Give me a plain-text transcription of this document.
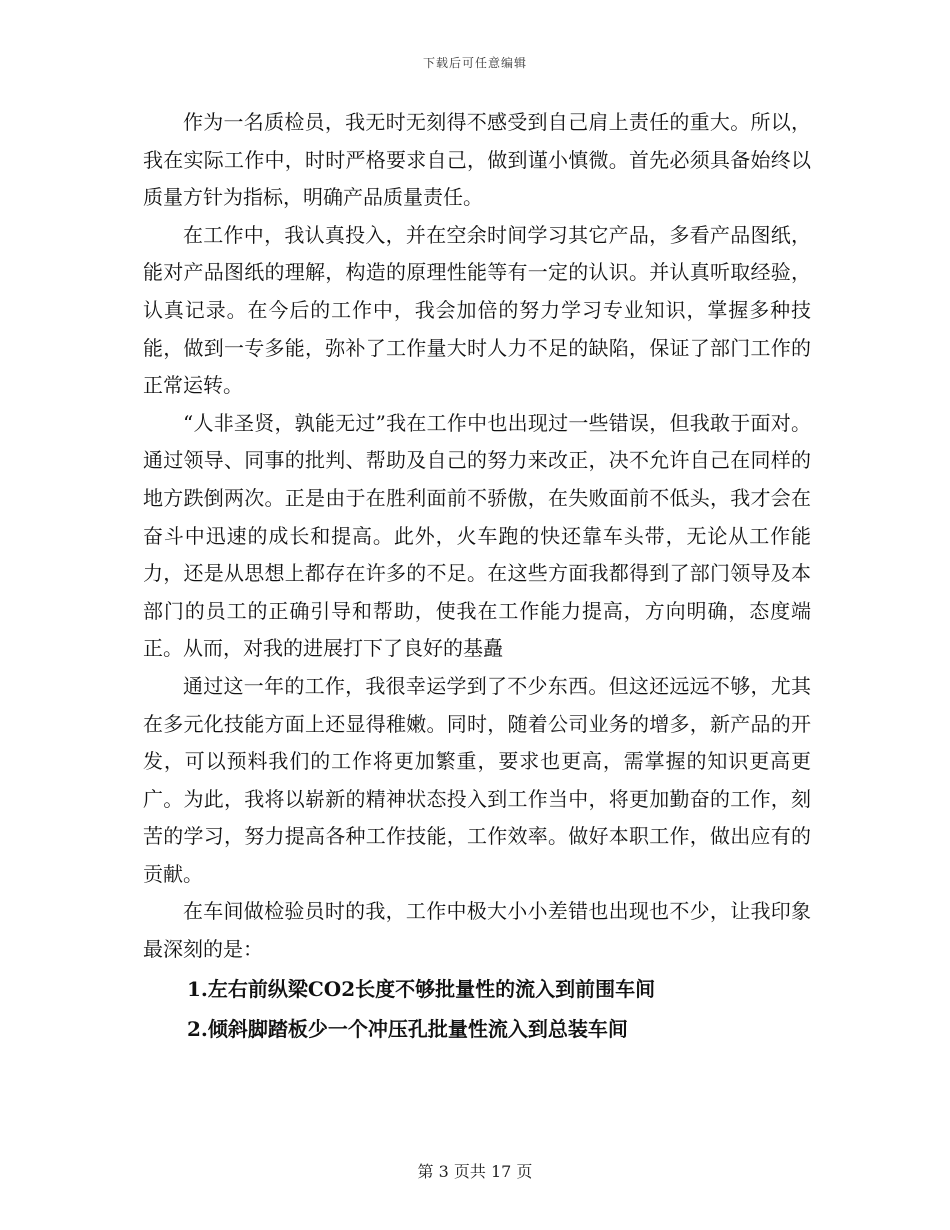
下载后可任意编辑

作为一名质检员，我无时无刻得不感受到自己肩上责任的重大。所以，我在实际工作中，时时严格要求自己，做到谨小慎微。首先必须具备始终以质量方针为指标，明确产品质量责任。

在工作中，我认真投入，并在空余时间学习其它产品，多看产品图纸，能对产品图纸的理解，构造的原理性能等有一定的认识。并认真听取经验，认真记录。在今后的工作中，我会加倍的努力学习专业知识，掌握多种技能，做到一专多能，弥补了工作量大时人力不足的缺陷，保证了部门工作的正常运转。

“人非圣贤，孰能无过”我在工作中也出现过一些错误，但我敢于面对。通过领导、同事的批判、帮助及自己的努力来改正，决不允许自己在同样的地方跌倒两次。正是由于在胜利面前不骄傲，在失败面前不低头，我才会在奋斗中迅速的成长和提高。此外，火车跑的快还靠车头带，无论从工作能力，还是从思想上都存在许多的不足。在这些方面我都得到了部门领导及本部门的员工的正确引导和帮助，使我在工作能力提高，方向明确，态度端正。从而，对我的进展打下了良好的基矗

通过这一年的工作，我很幸运学到了不少东西。但这还远远不够，尤其在多元化技能方面上还显得稚嫩。同时，随着公司业务的增多，新产品的开发，可以预料我们的工作将更加繁重，要求也更高，需掌握的知识更高更广。为此，我将以崭新的精神状态投入到工作当中，将更加勤奋的工作，刻苦的学习，努力提高各种工作技能，工作效率。做好本职工作，做出应有的贡献。

在车间做检验员时的我，工作中极大小小差错也出现也不少，让我印象最深刻的是：

1.左右前纵梁CO2长度不够批量性的流入到前围车间

2.倾斜脚踏板少一个冲压孔批量性流入到总装车间

第 3 页共 17 页
